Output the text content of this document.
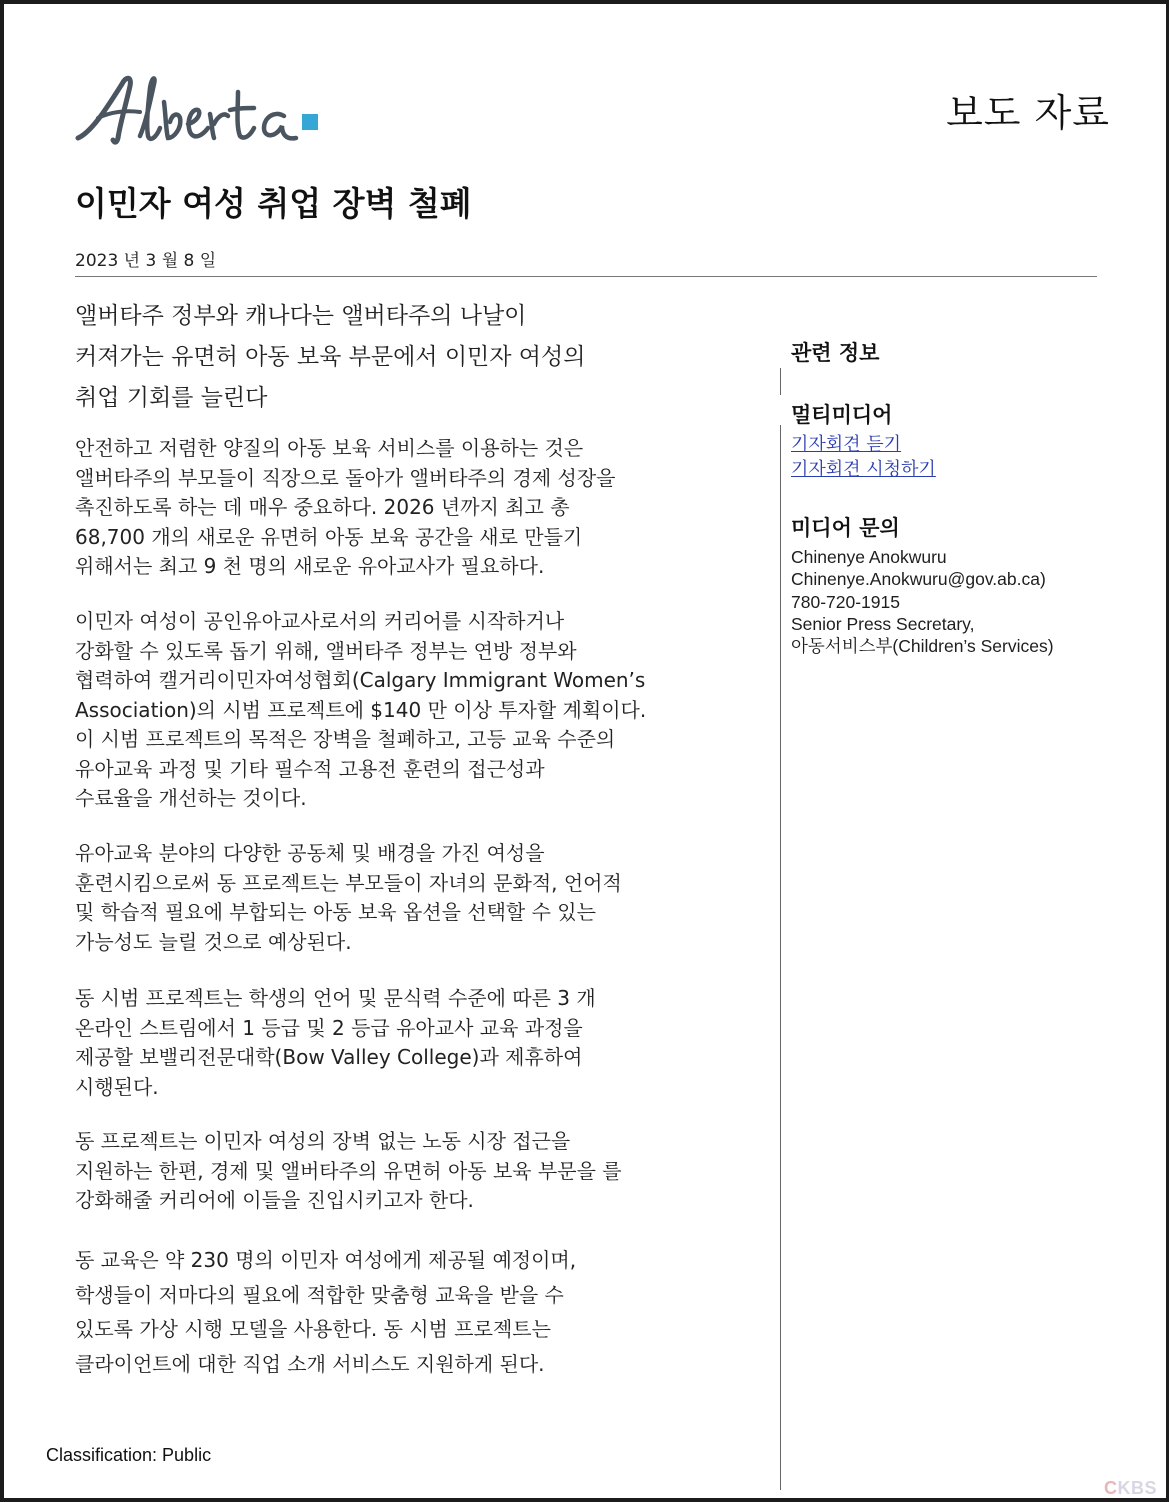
Alberta
보도 자료
이민자 여성 취업 장벽 철폐
2023 년 3 월 8 일
앨버타주 정부와 캐나다는 앨버타주의 나날이
커져가는 유면허 아동 보육 부문에서 이민자 여성의
취업 기회를 늘린다
안전하고 저렴한 양질의 아동 보육 서비스를 이용하는 것은
앨버타주의 부모들이 직장으로 돌아가 앨버타주의 경제 성장을
촉진하도록 하는 데 매우 중요하다. 2026 년까지 최고 총
68,700 개의 새로운 유면허 아동 보육 공간을 새로 만들기
위해서는 최고 9 천 명의 새로운 유아교사가 필요하다.
이민자 여성이 공인유아교사로서의 커리어를 시작하거나
강화할 수 있도록 돕기 위해, 앨버타주 정부는 연방 정부와
협력하여 캘거리이민자여성협회(Calgary Immigrant Women’s
Association)의 시범 프로젝트에 $140 만 이상 투자할 계획이다.
이 시범 프로젝트의 목적은 장벽을 철폐하고, 고등 교육 수준의
유아교육 과정 및 기타 필수적 고용전 훈련의 접근성과
수료율을 개선하는 것이다.
유아교육 분야의 다양한 공동체 및 배경을 가진 여성을
훈련시킴으로써 동 프로젝트는 부모들이 자녀의 문화적, 언어적
및 학습적 필요에 부합되는 아동 보육 옵션을 선택할 수 있는
가능성도 늘릴 것으로 예상된다.
동 시범 프로젝트는 학생의 언어 및 문식력 수준에 따른 3 개
온라인 스트림에서 1 등급 및 2 등급 유아교사 교육 과정을
제공할 보밸리전문대학(Bow Valley College)과 제휴하여
시행된다.
동 프로젝트는 이민자 여성의 장벽 없는 노동 시장 접근을
지원하는 한편, 경제 및 앨버타주의 유면허 아동 보육 부문을 를
강화해줄 커리어에 이들을 진입시키고자 한다.
동 교육은 약 230 명의 이민자 여성에게 제공될 예정이며,
학생들이 저마다의 필요에 적합한 맞춤형 교육을 받을 수
있도록 가상 시행 모델을 사용한다. 동 시범 프로젝트는
클라이언트에 대한 직업 소개 서비스도 지원하게 된다.
관련 정보
멀티미디어
기자회견 듣기
기자회견 시청하기
미디어 문의
Chinenye Anokwuru
Chinenye.Anokwuru@gov.ab.ca)
780-720-1915
Senior Press Secretary,
아동서비스부(Children’s Services)
Classification: Public
CKBS
